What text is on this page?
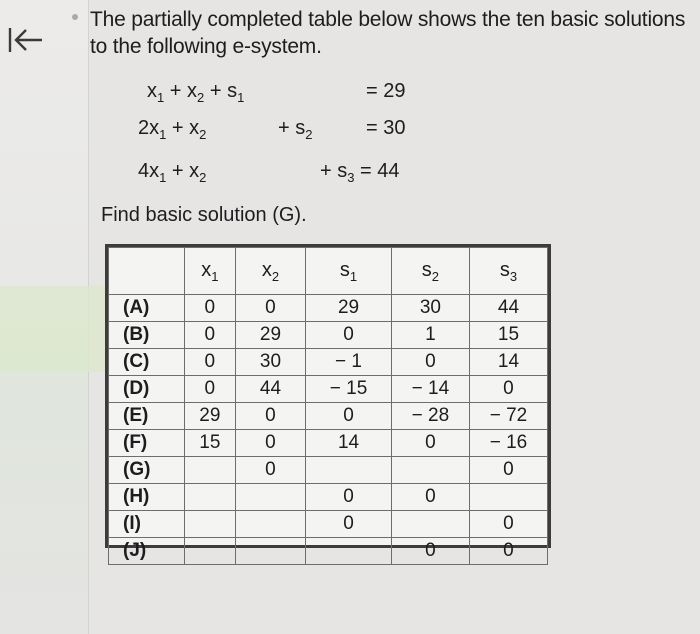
The partially completed table below shows the ten basic solutions to the following e-system.
$x_1 + x_2 + s_1$	= 29
$2x_1 + x_2$	+ $s_2$	= 30
$4x_1 + x_2$	+ $s_3 = 44$
Find basic solution (G).
	$x_1$	$x_2$	$s_1$	$s_2$	$s_3$
(A)	0	0	29	30	44
(B)	0	29	0	1	15
(C)	0	30	− 1	0	14
(D)	0	44	− 15	− 14	0
(E)	29	0	0	− 28	− 72
(F)	15	0	14	0	− 16
(G)		0			0
(H)			0	0	
(I)			0		0
(J)				0	0
